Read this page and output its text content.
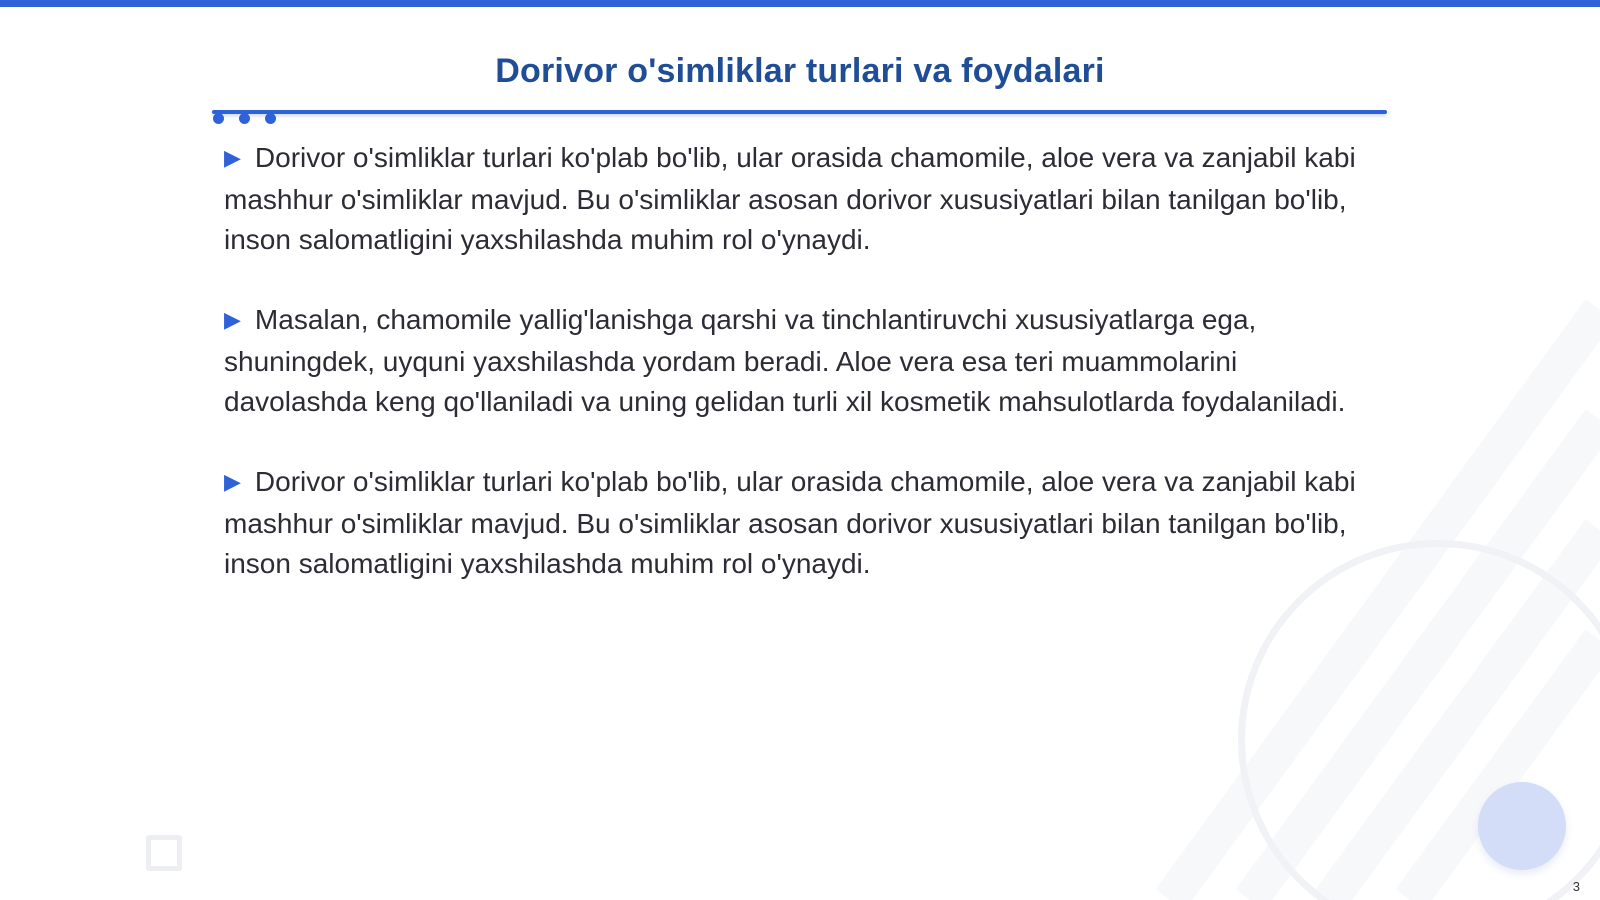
Dorivor o'simliklar turlari va foydalari

▶ Dorivor o'simliklar turlari ko'plab bo'lib, ular orasida chamomile, aloe vera va zanjabil kabi mashhur o'simliklar mavjud. Bu o'simliklar asosan dorivor xususiyatlari bilan tanilgan bo'lib, inson salomatligini yaxshilashda muhim rol o'ynaydi.

▶ Masalan, chamomile yallig'lanishga qarshi va tinchlantiruvchi xususiyatlarga ega, shuningdek, uyquni yaxshilashda yordam beradi. Aloe vera esa teri muammolarini davolashda keng qo'llaniladi va uning gelidan turli xil kosmetik mahsulotlarda foydalaniladi.

▶ Dorivor o'simliklar turlari ko'plab bo'lib, ular orasida chamomile, aloe vera va zanjabil kabi mashhur o'simliklar mavjud. Bu o'simliklar asosan dorivor xususiyatlari bilan tanilgan bo'lib, inson salomatligini yaxshilashda muhim rol o'ynaydi.

3
